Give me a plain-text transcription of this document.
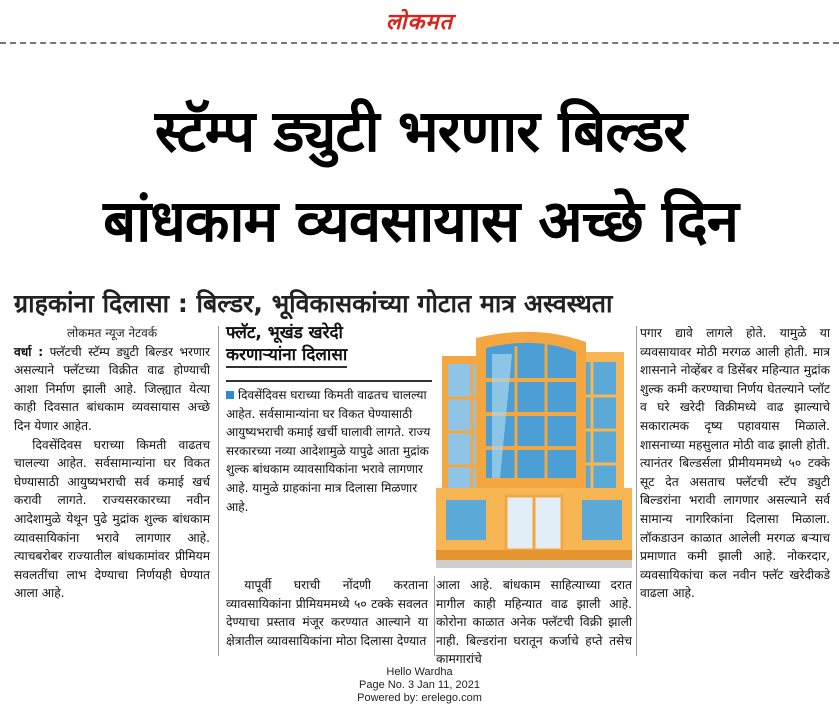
लोकमत
स्टॅम्प ड्युटी भरणार बिल्डर
बांधकाम व्यवसायास अच्छे दिन
ग्राहकांना दिलासा : बिल्डर, भूविकासकांच्या गोटात मात्र अस्वस्थता
लोकमत न्यूज नेटवर्क

वर्धा : फ्लॅटची स्टॅम्प ड्युटी बिल्डर भरणार असल्याने फ्लॅटच्या विक्रीत वाढ होण्याची आशा निर्माण झाली आहे. जिल्ह्यात येत्या काही दिवसात बांधकाम व्यवसायास अच्छे दिन येणार आहेत.

दिवसेंदिवस घराच्या किमती वाढतच चालल्या आहेत. सर्वसामान्यांना घर विकत घेण्यासाठी आयुष्यभराची सर्व कमाई खर्च करावी लागते. राज्यसरकारच्या नवीन आदेशामुळे येथून पुढे मुद्रांक शुल्क बांधकाम व्यावसायिकांना भरावे लागणार आहे. त्याचबरोबर राज्यातील बांधकामांवर प्रीमियम सवलतींचा लाभ देण्याचा निर्णयही घेण्यात आला आहे.

फ्लॅट, भूखंड खरेदी
करणार्‍यांना दिलासा
दिवसेंदिवस घराच्या किमती वाढतच चालल्या आहेत. सर्वसामान्यांना घर विकत घेण्यासाठी आयुष्यभराची कमाई खर्ची घालावी लागते. राज्य सरकारच्या नव्या आदेशामुळे यापुढे आता मुद्रांक शुल्क बांधकाम व्यावसायिकांना भरावे लागणार आहे. यामुळे ग्राहकांना मात्र दिलासा मिळणार आहे.

यापूर्वी घराची नोंदणी करताना व्यावसायिकांना प्रीमियममध्ये ५० टक्के सवलत देण्याचा प्रस्ताव मंजूर करण्यात आल्याने या क्षेत्रातील व्यावसायिकांना मोठा दिलासा देण्यात

आला आहे. बांधकाम साहित्याच्या दरात मागील काही महिन्यात वाढ झाली आहे. कोरोना काळात अनेक फ्लॅटची विक्री झाली नाही. बिल्डरांना घरातून कर्जाचे हप्ते तसेच कामगारांचे

पगार द्यावे लागले होते. यामुळे या व्यवसायावर मोठी मरगळ आली होती. मात्र शासनाने नोव्हेंबर व डिसेंबर महिन्यात मुद्रांक शुल्क कमी करण्याचा निर्णय घेतल्याने प्लॉट व घरे खरेदी विक्रीमध्ये वाढ झाल्याचे सकारात्मक दृष्य पहावयास मिळाले. शासनाच्या महसुलात मोठी वाढ झाली होती. त्यानंतर बिल्डर्सला प्रीमीयममध्ये ५० टक्के सूट देत असताच फ्लॅटची स्टॅप ड्युटी बिल्डरांना भरावी लागणार असल्याने सर्व सामान्य नागरिकांना दिलासा मिळाला. लॉकडाउन काळात आलेली मरगळ बऱ्याच प्रमाणात कमी झाली आहे. नोकरदार, व्यवसायिकांचा कल नवीन फ्लॅट खरेदीकडे वाढला आहे.

Hello Wardha
Page No. 3 Jan 11, 2021
Powered by: erelego.com
